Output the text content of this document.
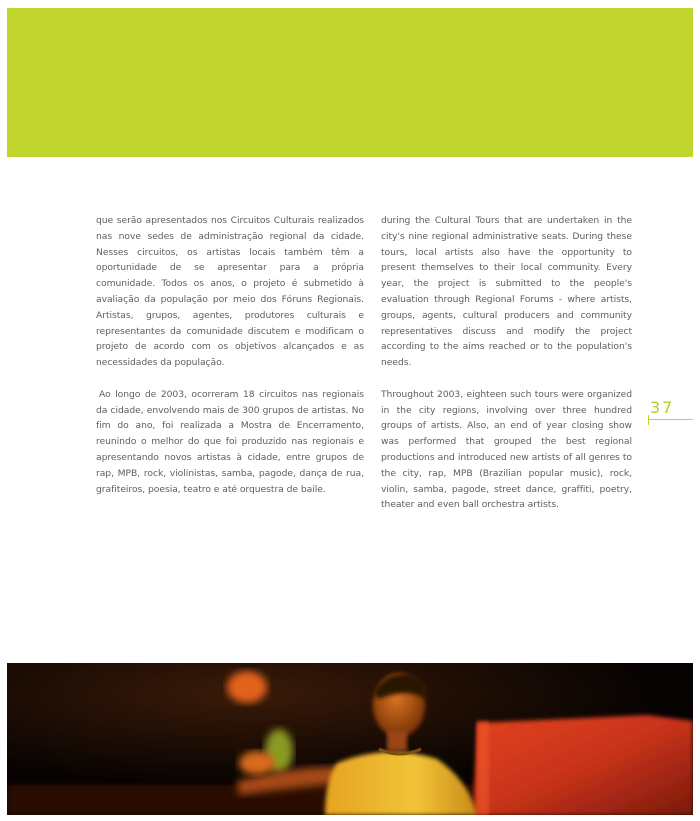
que serão apresentados nos Circuitos Culturais realizados nas nove sedes de administração regional da cidade. Nesses circuitos, os artistas locais também têm a oportunidade de se apresentar para a própria comunidade. Todos os anos, o projeto é submetido à avaliação da população por meio dos Fóruns Regionais. Artistas, grupos, agentes, produtores culturais e representantes da comunidade discutem e modificam o projeto de acordo com os objetivos alcançados e as necessidades da população.

Ao longo de 2003, ocorreram 18 circuitos nas regionais da cidade, envolvendo mais de 300 grupos de artistas. No fim do ano, foi realizada a Mostra de Encerramento, reunindo o melhor do que foi produzido nas regionais e apresentando novos artistas à cidade, entre grupos de rap, MPB, rock, violinistas, samba, pagode, dança de rua, grafiteiros, poesia, teatro e até orquestra de baile.

during the Cultural Tours that are undertaken in the city's nine regional administrative seats. During these tours, local artists also have the opportunity to present themselves to their local community. Every year, the project is submitted to the people's evaluation through Regional Forums - where artists, groups, agents, cultural producers and community representatives discuss and modify the project according to the aims reached or to the population's needs.

Throughout 2003, eighteen such tours were organized in the city regions, involving over three hundred groups of artists. Also, an end of year closing show was performed that grouped the best regional productions and introduced new artists of all genres to the city, rap, MPB (Brazilian popular music), rock, violin, samba, pagode, street dance, graffiti, poetry, theater and even ball orchestra artists.

37
